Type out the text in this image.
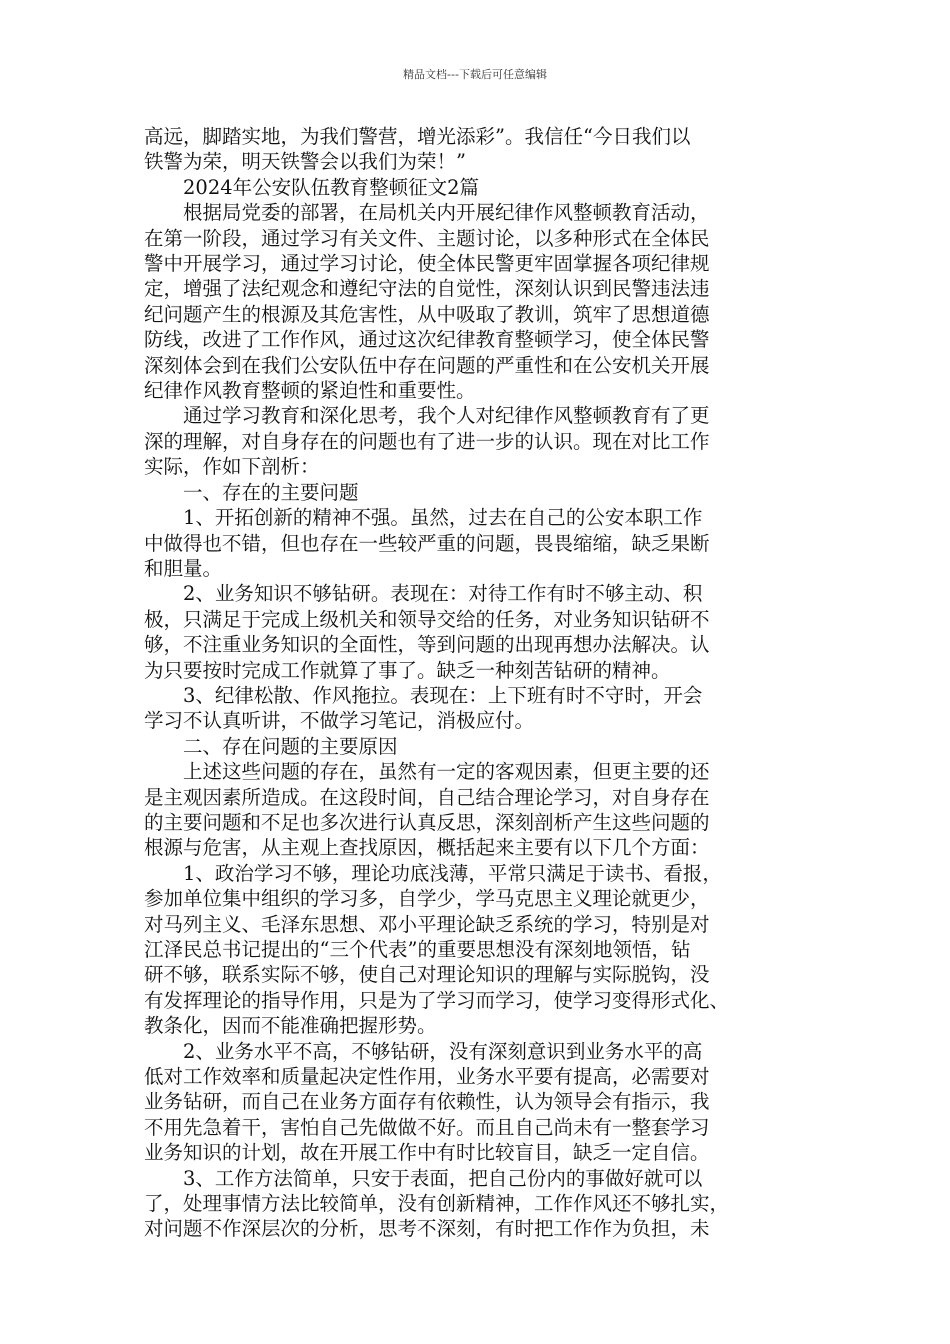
精品文档---下载后可任意编辑

高远，脚踏实地，为我们警营，增光添彩”。我信任“今日我们以
铁警为荣，明天铁警会以我们为荣！”

2024年公安队伍教育整顿征文2篇

根据局党委的部署，在局机关内开展纪律作风整顿教育活动，
在第一阶段，通过学习有关文件、主题讨论，以多种形式在全体民
警中开展学习，通过学习讨论，使全体民警更牢固掌握各项纪律规
定，增强了法纪观念和遵纪守法的自觉性，深刻认识到民警违法违
纪问题产生的根源及其危害性，从中吸取了教训，筑牢了思想道德
防线，改进了工作作风，通过这次纪律教育整顿学习，使全体民警
深刻体会到在我们公安队伍中存在问题的严重性和在公安机关开展
纪律作风教育整顿的紧迫性和重要性。

通过学习教育和深化思考，我个人对纪律作风整顿教育有了更
深的理解，对自身存在的问题也有了进一步的认识。现在对比工作
实际，作如下剖析：

一、存在的主要问题

1、开拓创新的精神不强。虽然，过去在自己的公安本职工作
中做得也不错，但也存在一些较严重的问题，畏畏缩缩，缺乏果断
和胆量。

2、业务知识不够钻研。表现在：对待工作有时不够主动、积
极，只满足于完成上级机关和领导交给的任务，对业务知识钻研不
够，不注重业务知识的全面性，等到问题的出现再想办法解决。认
为只要按时完成工作就算了事了。缺乏一种刻苦钻研的精神。

3、纪律松散、作风拖拉。表现在：上下班有时不守时，开会
学习不认真听讲，不做学习笔记，消极应付。

二、存在问题的主要原因

上述这些问题的存在，虽然有一定的客观因素，但更主要的还
是主观因素所造成。在这段时间，自己结合理论学习，对自身存在
的主要问题和不足也多次进行认真反思，深刻剖析产生这些问题的
根源与危害，从主观上查找原因，概括起来主要有以下几个方面：

1、政治学习不够，理论功底浅薄，平常只满足于读书、看报，
参加单位集中组织的学习多，自学少，学马克思主义理论就更少，
对马列主义、毛泽东思想、邓小平理论缺乏系统的学习，特别是对
江泽民总书记提出的“三个代表”的重要思想没有深刻地领悟，钻
研不够，联系实际不够，使自己对理论知识的理解与实际脱钩，没
有发挥理论的指导作用，只是为了学习而学习，使学习变得形式化、
教条化，因而不能准确把握形势。

2、业务水平不高，不够钻研，没有深刻意识到业务水平的高
低对工作效率和质量起决定性作用，业务水平要有提高，必需要对
业务钻研，而自己在业务方面存有依赖性，认为领导会有指示，我
不用先急着干，害怕自己先做做不好。而且自己尚未有一整套学习
业务知识的计划，故在开展工作中有时比较盲目，缺乏一定自信。

3、工作方法简单，只安于表面，把自己份内的事做好就可以
了，处理事情方法比较简单，没有创新精神，工作作风还不够扎实，
对问题不作深层次的分析，思考不深刻，有时把工作作为负担，未
